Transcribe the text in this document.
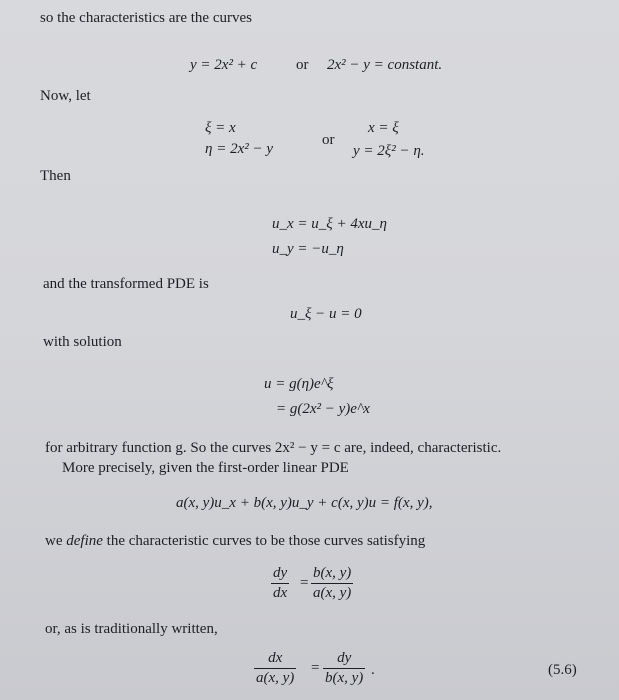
so the characteristics are the curves
y = 2x² + c	or 2x² − y = constant.
Now, let
ξ = x
η = 2x² − y
or
x = ξ
y = 2ξ² − η.
Then
u_x = u_ξ + 4xu_η
u_y = −u_η
and the transformed PDE is
u_ξ − u = 0
with solution
u = g(η)e^ξ
= g(2x² − y)e^x
for arbitrary function g. So the curves 2x² − y = c are, indeed, characteristic.
More precisely, given the first-order linear PDE
a(x, y)u_x + b(x, y)u_y + c(x, y)u = f(x, y),
we define the characteristic curves to be those curves satisfying
dy
dx
=
b(x, y)
a(x, y)
or, as is traditionally written,
dx
a(x, y)
=
dy
b(x, y) .	(5.6)
